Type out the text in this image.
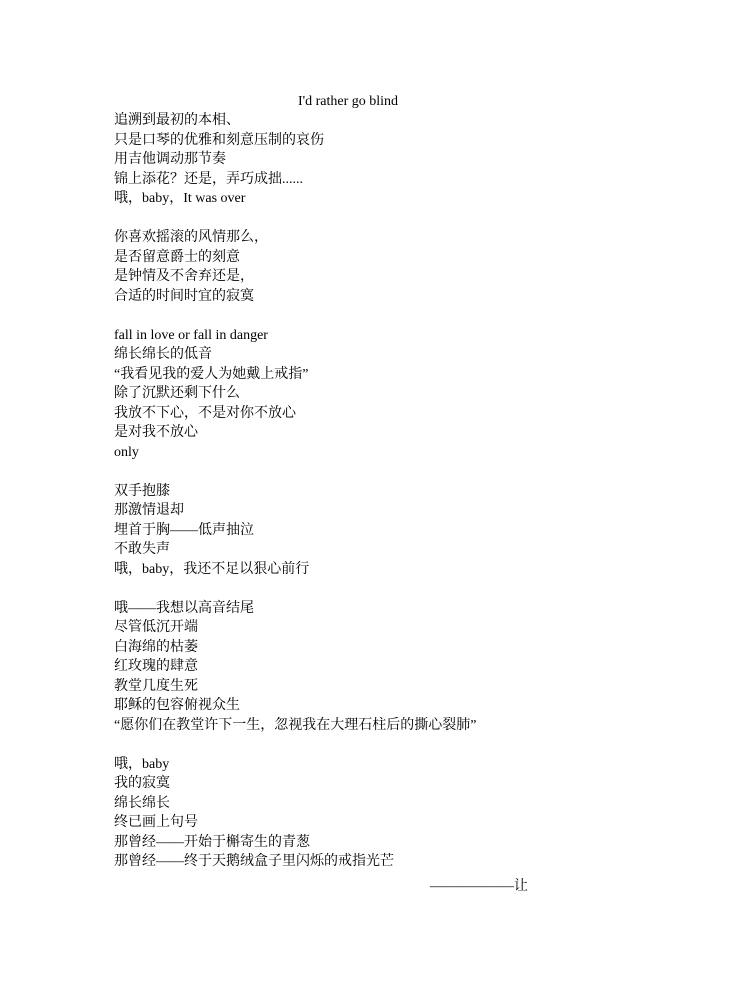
I'd rather go blind
追溯到最初的本相、
只是口琴的优雅和刻意压制的哀伤
用吉他调动那节奏
锦上添花？还是，弄巧成拙......
哦，baby，It was over
你喜欢摇滚的风情那么，
是否留意爵士的刻意
是钟情及不舍弃还是，
合适的时间时宜的寂寞
fall in love or fall in danger
绵长绵长的低音
“我看见我的爱人为她戴上戒指”
除了沉默还剩下什么
我放不下心，不是对你不放心
是对我不放心
only
双手抱膝
那激情退却
埋首于胸——低声抽泣
不敢失声
哦，baby，我还不足以狠心前行
哦——我想以高音结尾
尽管低沉开端
白海绵的枯萎
红玫瑰的肆意
教堂几度生死
耶稣的包容俯视众生
“愿你们在教堂许下一生，忽视我在大理石柱后的撕心裂肺”
哦，baby
我的寂寞
绵长绵长
终已画上句号
那曾经——开始于槲寄生的青葱
那曾经——终于天鹅绒盒子里闪烁的戒指光芒
——————让
